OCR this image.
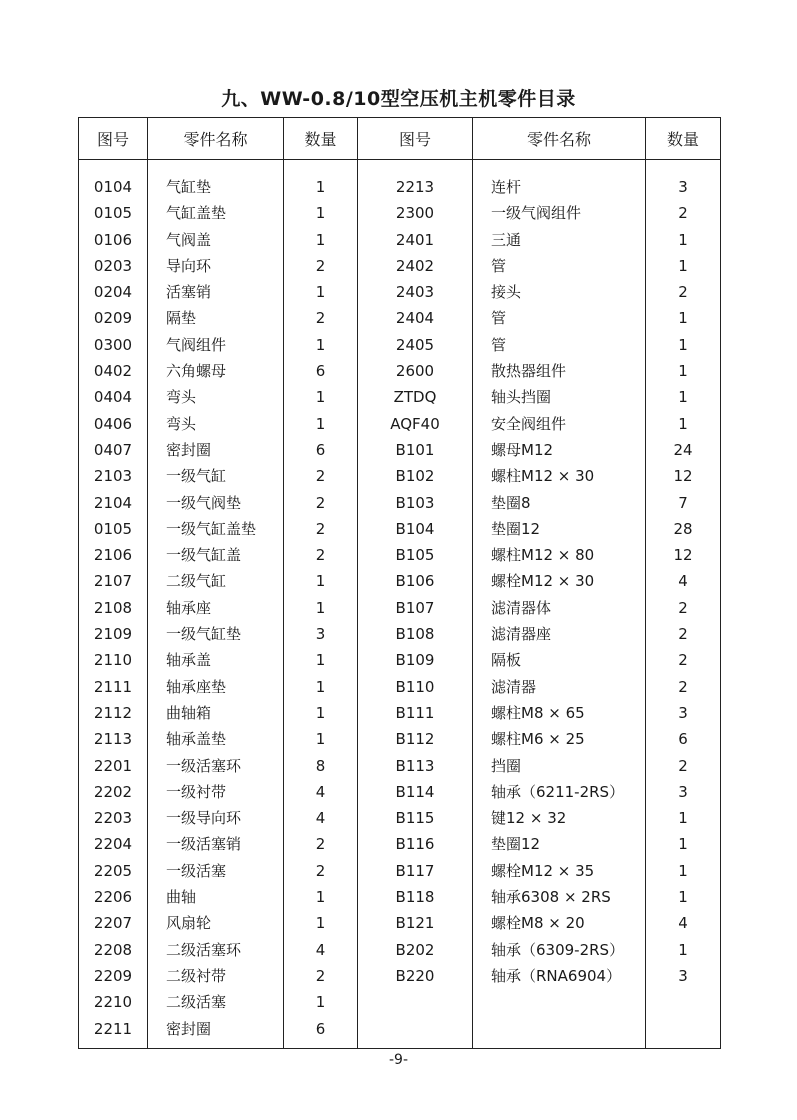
九、WW-0.8/10型空压机主机零件目录
图号	零件名称	数量	图号	零件名称	数量

0104	气缸垫	1	2213	连杆	3

0105	气缸盖垫	1	2300	一级气阀组件	2

0106	气阀盖	1	2401	三通	1

0203	导向环	2	2402	管	1

0204	活塞销	1	2403	接头	2

0209	隔垫	2	2404	管	1

0300	气阀组件	1	2405	管	1

0402	六角螺母	6	2600	散热器组件	1

0404	弯头	1	ZTDQ	轴头挡圈	1

0406	弯头	1	AQF40	安全阀组件	1

0407	密封圈	6	B101	螺母M12	24

2103	一级气缸	2	B102	螺柱M12 × 30	12

2104	一级气阀垫	2	B103	垫圈8	7

0105	一级气缸盖垫	2	B104	垫圈12	28

2106	一级气缸盖	2	B105	螺柱M12 × 80	12

2107	二级气缸	1	B106	螺栓M12 × 30	4

2108	轴承座	1	B107	滤清器体	2

2109	一级气缸垫	3	B108	滤清器座	2

2110	轴承盖	1	B109	隔板	2

2111	轴承座垫	1	B110	滤清器	2

2112	曲轴箱	1	B111	螺柱M8 × 65	3

2113	轴承盖垫	1	B112	螺柱M6 × 25	6

2201	一级活塞环	8	B113	挡圈	2

2202	一级衬带	4	B114	轴承（6211-2RS）	3

2203	一级导向环	4	B115	键12 × 32	1

2204	一级活塞销	2	B116	垫圈12	1

2205	一级活塞	2	B117	螺栓M12 × 35	1

2206	曲轴	1	B118	轴承6308 × 2RS	1

2207	风扇轮	1	B121	螺栓M8 × 20	4

2208	二级活塞环	4	B202	轴承（6309-2RS）	1

2209	二级衬带	2	B220	轴承（RNA6904）	3

2210	二级活塞	1			

2211	密封圈	6			

-9-
